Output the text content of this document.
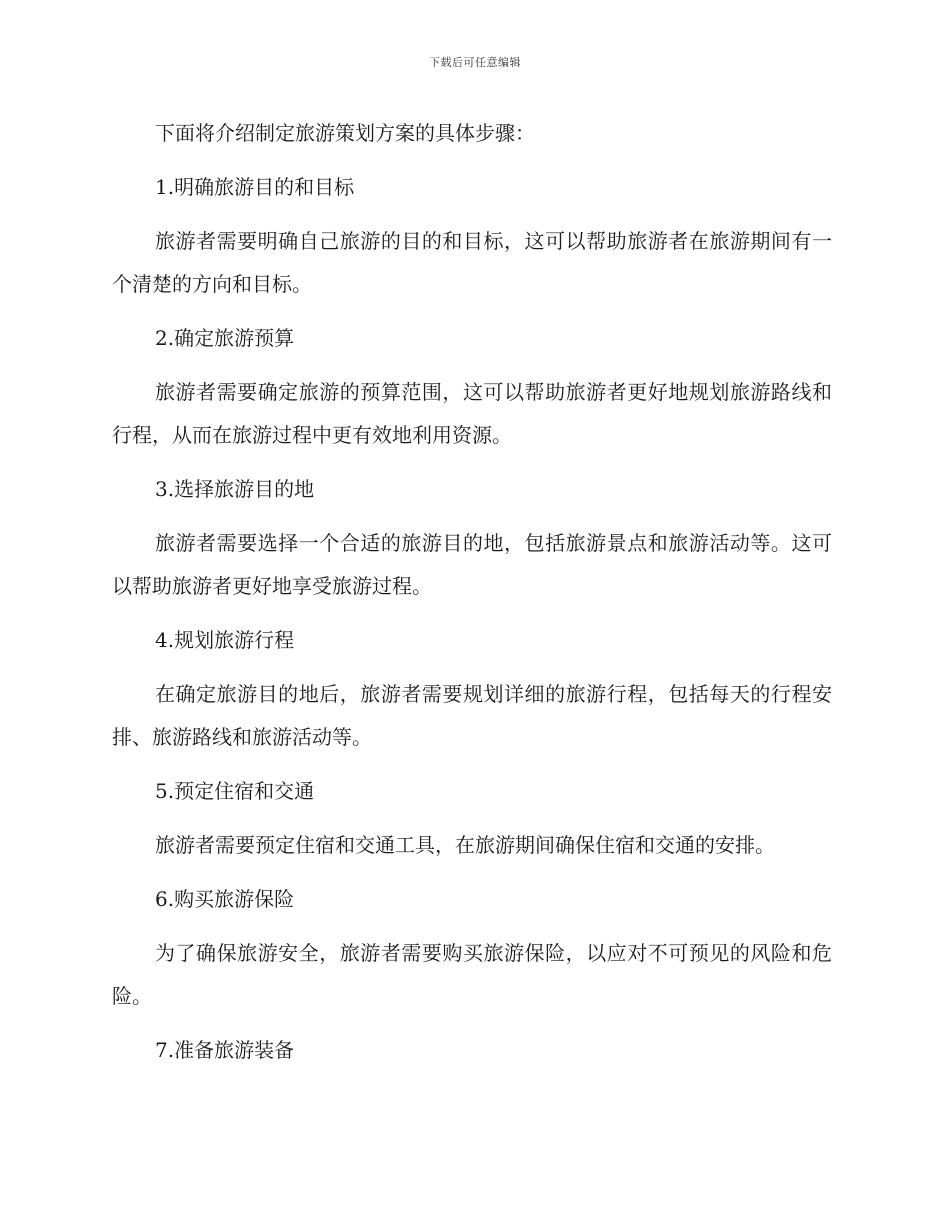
下载后可任意编辑

下面将介绍制定旅游策划方案的具体步骤：

1.明确旅游目的和目标

旅游者需要明确自己旅游的目的和目标，这可以帮助旅游者在旅游期间有一个清楚的方向和目标。

2.确定旅游预算

旅游者需要确定旅游的预算范围，这可以帮助旅游者更好地规划旅游路线和行程，从而在旅游过程中更有效地利用资源。

3.选择旅游目的地

旅游者需要选择一个合适的旅游目的地，包括旅游景点和旅游活动等。这可以帮助旅游者更好地享受旅游过程。

4.规划旅游行程

在确定旅游目的地后，旅游者需要规划详细的旅游行程，包括每天的行程安排、旅游路线和旅游活动等。

5.预定住宿和交通

旅游者需要预定住宿和交通工具，在旅游期间确保住宿和交通的安排。

6.购买旅游保险

为了确保旅游安全，旅游者需要购买旅游保险，以应对不可预见的风险和危险。

7.准备旅游装备
